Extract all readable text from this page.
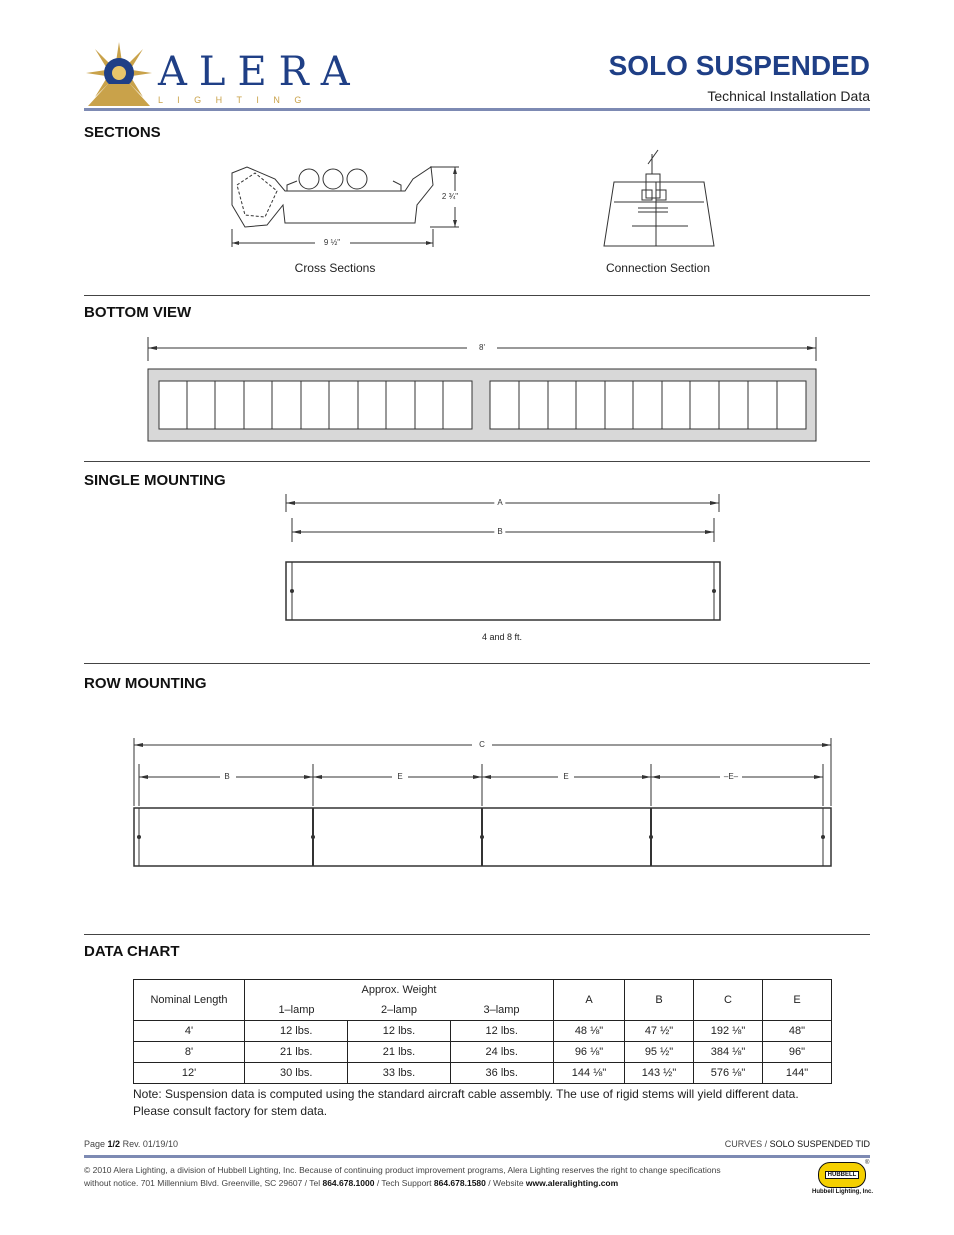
ALERA
L I G H T I N G
SOLO SUSPENDED
Technical Installation Data
SECTIONS
2 ¾"
9 ½"
Cross Sections	Connection Section
BOTTOM VIEW
8'
SINGLE MOUNTING
A
B
4 and 8 ft.
ROW MOUNTING
C
B	E	E	–E–
DATA CHART
Nominal Length	Approx. Weight			A	B	C	E
	1–lamp	2–lamp	3–lamp				
4'	12 lbs.	12 lbs.	12 lbs.	48 ⅛"	47 ½"	192 ⅛"	48"
8'	21 lbs.	21 lbs.	24 lbs.	96 ⅛"	95 ½"	384 ⅛"	96"
12'	30 lbs.	33 lbs.	36 lbs.	144 ⅛"	143 ½"	576 ⅛"	144"
Note: Suspension data is computed using the standard aircraft cable assembly. The use of rigid stems will yield different data.
Please consult factory for stem data.
Page 1/2 Rev. 01/19/10	CURVES / SOLO SUSPENDED TID
© 2010 Alera Lighting, a division of Hubbell Lighting, Inc. Because of continuing product improvement programs, Alera Lighting reserves the right to change specifications
without notice. 701 Millennium Blvd. Greenville, SC 29607 / Tel 864.678.1000 / Tech Support 864.678.1580 / Website www.aleralighting.com
HUBBELL
®
Hubbell Lighting, Inc.
